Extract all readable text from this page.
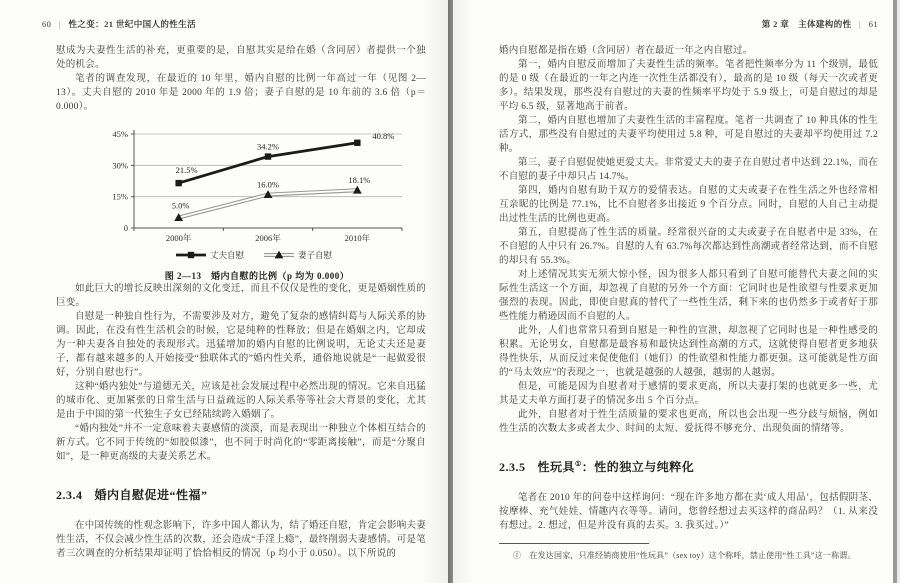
60 | 性之变：21 世纪中国人的性生活

慰成为夫妻性生活的补充，更重要的是，自慰其实是给在婚（含同居）者提供一个独处的机会。

笔者的调查发现，在最近的 10 年里，婚内自慰的比例一年高过一年（见图 2—13）。丈夫自慰的 2010 年是 2000 年的 1.9 倍；妻子自慰的是 10 年前的 3.6 倍（p＝0.000）。

0
15%
30%
45%
2000年	2006年	2010年
5.0%
16.0%	18.1%
21.5%
34.2%
40.8%
丈夫自慰	妻子自慰
图 2—13　婚内自慰的比例（p 均为 0.000）

如此巨大的增长反映出深刻的文化变迁，而且不仅仅是性的变化，更是婚姻性质的巨变。

自慰是一种独自性行为，不需要涉及对方，避免了复杂的感情纠葛与人际关系的协调。因此，在没有性生活机会的时候，它是纯粹的性释放；但是在婚姻之内，它却成为一种夫妻各自独处的表现形式。迅猛增加的婚内自慰的比例说明，无论丈夫还是妻子，都有越来越多的人开始接受“独联体式的”婚内性关系，通俗地说就是“一起做爱很好，分别自慰也行”。

这种“婚内独处”与道德无关，应该是社会发展过程中必然出现的情况。它来自迅猛的城市化、更加紧张的日常生活与日益疏远的人际关系等等社会大背景的变化，尤其是由于中国的第一代独生子女已经陆续跨入婚姻了。

“婚内独处”并不一定意味着夫妻感情的淡漠，而是表现出一种独立个体相互结合的新方式。它不同于传统的“如胶似漆”，也不同于时尚化的“零距离接触”，而是“分聚自如”，是一种更高级的夫妻关系艺术。

2.3.4 婚内自慰促进“性福”

在中国传统的性观念影响下，许多中国人都认为，结了婚还自慰，肯定会影响夫妻性生活，不仅会减少性生活的次数，还会造成“手淫上瘾”，最终削弱夫妻感情。可是笔者三次调查的分析结果却证明了恰恰相反的情况（p 均小于 0.050）。以下所说的

第 2 章　主体建构的性 | 61

婚内自慰都是指在婚（含同居）者在最近一年之内自慰过。

第一，婚内自慰反而增加了夫妻性生活的频率。笔者把性频率分为 11 个级别，最低的是 0 级（在最近的一年之内连一次性生活都没有），最高的是 10 级（每天一次或者更多）。结果发现，那些没有自慰过的夫妻的性频率平均处于 5.9 级上，可是自慰过的却是平均 6.5 级，显著地高于前者。

第二，婚内自慰也增加了夫妻性生活的丰富程度。笔者一共调查了 10 种具体的性生活方式，那些没有自慰过的夫妻平均使用过 5.8 种，可是自慰过的夫妻却平均使用过 7.2 种。

第三，妻子自慰促使她更爱丈夫。非常爱丈夫的妻子在自慰过者中达到 22.1%，而在不自慰的妻子中却只占 14.7%。

第四，婚内自慰有助于双方的爱情表达。自慰的丈夫或妻子在性生活之外也经常相互亲昵的比例是 77.1%，比不自慰者多出接近 9 个百分点。同时，自慰的人自己主动提出过性生活的比例也更高。

第五，自慰提高了性生活的质量。经常很兴奋的丈夫或妻子在自慰者中是 33%，在不自慰的人中只有 26.7%。自慰的人有 63.7%每次都达到性高潮或者经常达到，而不自慰的却只有 55.3%。

对上述情况其实无须大惊小怪，因为很多人都只看到了自慰可能替代夫妻之间的实际性生活这一个方面，却忽视了自慰的另外一个方面：它同时也是性欲望与性要求更加强烈的表现。因此，即使自慰真的替代了一些性生活，剩下来的也仍然多于或者好于那些性能力稍逊因而不自慰的人。

此外，人们也常常只看到自慰是一种性的宣泄，却忽视了它同时也是一种性感受的积累。无论男女，自慰都是最容易和最快达到性高潮的方式，这就使得自慰者更多地获得性快乐，从而反过来促使他们（她们）的性欲望和性能力都更强。这可能就是性方面的“马太效应”的表现之一，也就是越强的人越强，越弱的人越弱。

但是，可能是因为自慰者对于感情的要求更高，所以夫妻打架的也就更多一些，尤其是丈夫单方面打妻子的情况多出 5 个百分点。

此外，自慰者对于性生活质量的要求也更高，所以也会出现一些分歧与烦恼，例如性生活的次数太多或者太少、时间的太短、爱抚得不够充分、出现负面的情绪等。

2.3.5 性玩具①：性的独立与纯粹化

笔者在 2010 年的问卷中这样询问：“现在许多地方都在卖‘成人用品’，包括假阴茎、按摩棒、充气娃娃、情趣内衣等等。请问，您曾经想过去买这样的商品吗？（1. 从来没有想过。2. 想过，但是并没有真的去买。3. 我买过。）”

①　在发达国家，只准经销商使用“性玩具”（sex toy）这个称呼，禁止使用“性工具”这一称谓。
